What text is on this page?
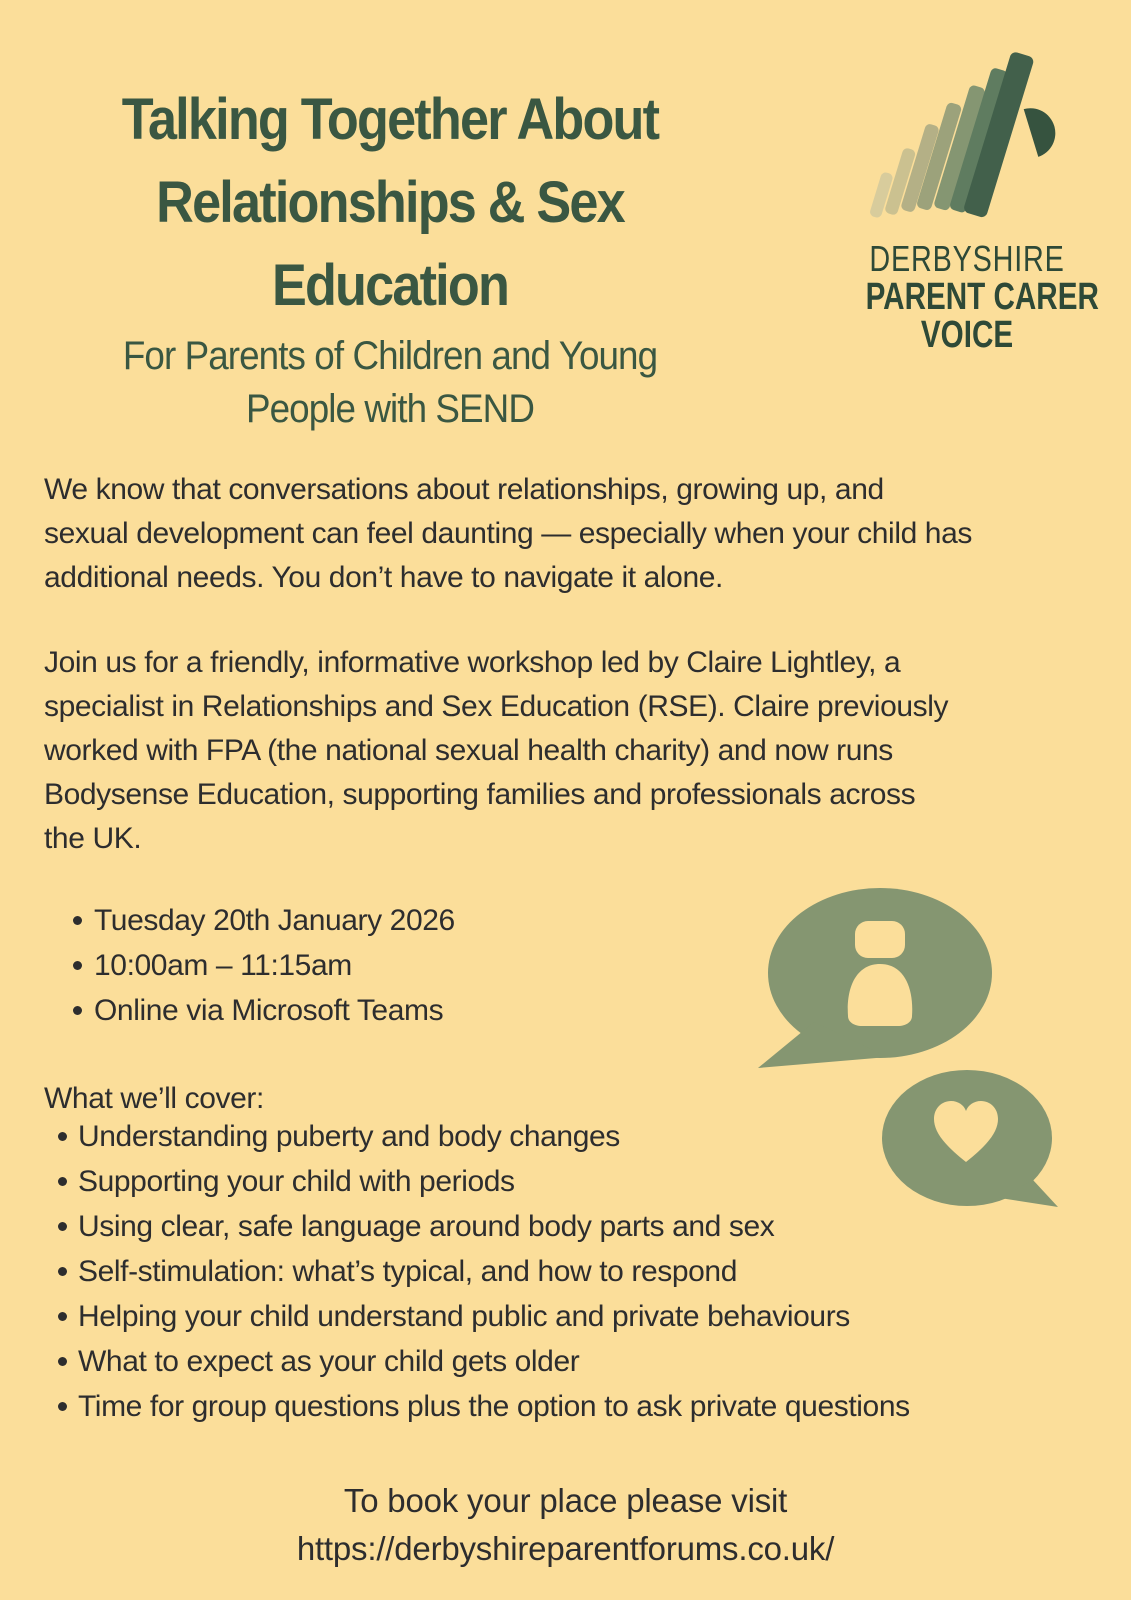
Talking Together About
Relationships & Sex
Education
For Parents of Children and Young
People with SEND
DERBYSHIRE
PARENT CARER
VOICE
We know that conversations about relationships, growing up, and
sexual development can feel daunting — especially when your child has
additional needs. You don’t have to navigate it alone.
Join us for a friendly, informative workshop led by Claire Lightley, a
specialist in Relationships and Sex Education (RSE). Claire previously
worked with FPA (the national sexual health charity) and now runs
Bodysense Education, supporting families and professionals across
the UK.
Tuesday 20th January 2026
10:00am – 11:15am
Online via Microsoft Teams
What we’ll cover:
Understanding puberty and body changes
Supporting your child with periods
Using clear, safe language around body parts and sex
Self-stimulation: what’s typical, and how to respond
Helping your child understand public and private behaviours
What to expect as your child gets older
Time for group questions plus the option to ask private questions
To book your place please visit
https://derbyshireparentforums.co.uk/
